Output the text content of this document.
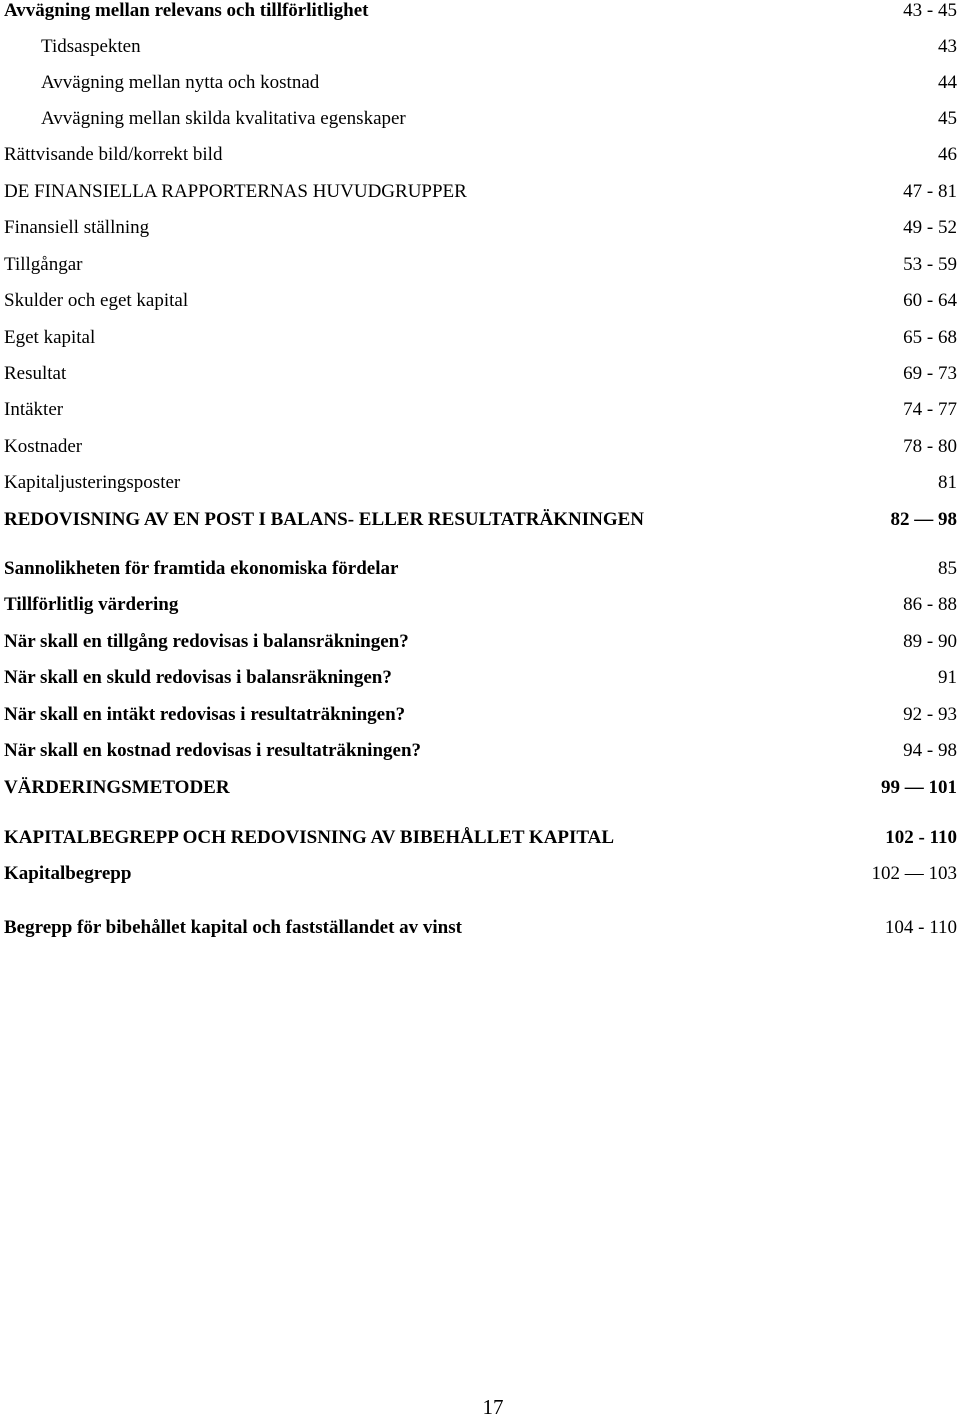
Avvägning mellan relevans och tillförlitlighet	43 - 45
Tidsaspekten	43
Avvägning mellan nytta och kostnad	44
Avvägning mellan skilda kvalitativa egenskaper	45
Rättvisande bild/korrekt bild	46
DE FINANSIELLA RAPPORTERNAS HUVUDGRUPPER	47 - 81
Finansiell ställning	49 - 52
Tillgångar	53 - 59
Skulder och eget kapital	60 - 64
Eget kapital	65 - 68
Resultat	69 - 73
Intäkter	74 - 77
Kostnader	78 - 80
Kapitaljusteringsposter	81
REDOVISNING AV EN POST I BALANS- ELLER RESULTATRÄKNINGEN	82 — 98
Sannolikheten för framtida ekonomiska fördelar	85
Tillförlitlig värdering	86 - 88
När skall en tillgång redovisas i balansräkningen?	89 - 90
När skall en skuld redovisas i balansräkningen?	91
När skall en intäkt redovisas i resultaträkningen?	92 - 93
När skall en kostnad redovisas i resultaträkningen?	94 - 98
VÄRDERINGSMETODER	99 — 101
KAPITALBEGREPP OCH REDOVISNING AV BIBEHÅLLET KAPITAL	102 - 110
Kapitalbegrepp	102 — 103
Begrepp för bibehållet kapital och fastställandet av vinst	104 - 110
17
